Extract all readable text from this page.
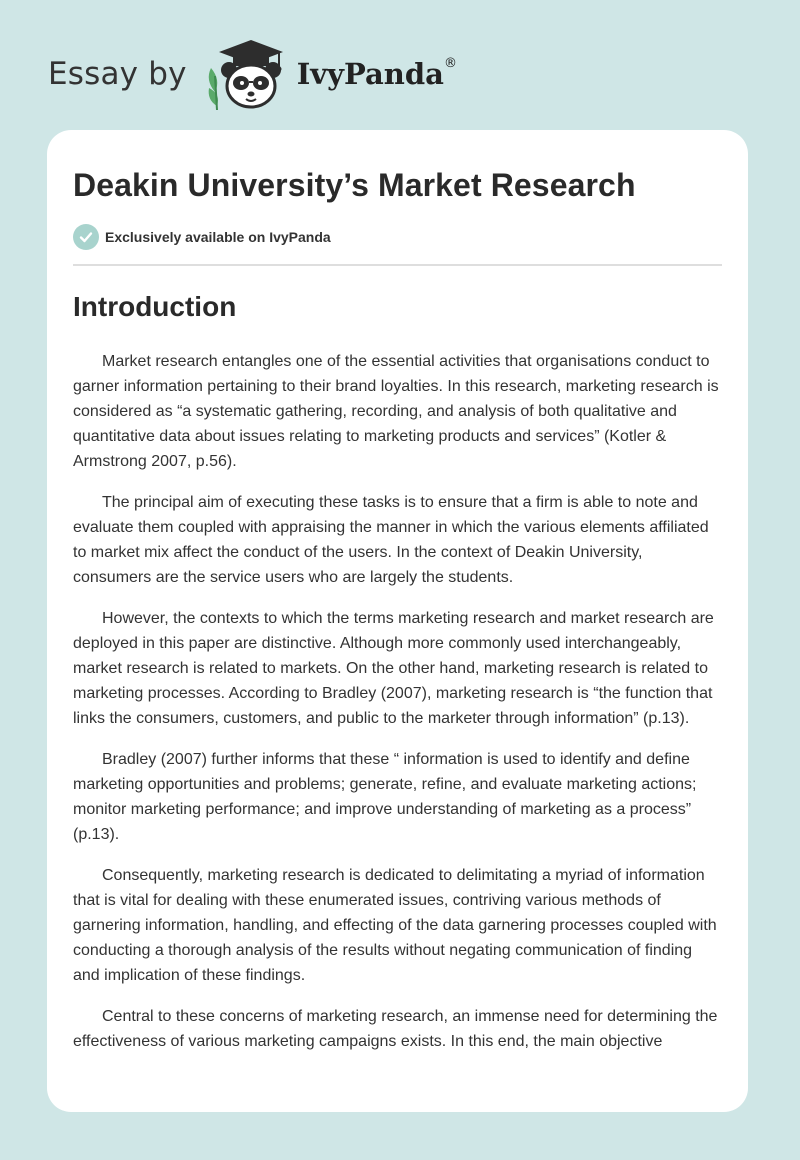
Essay by	IvyPanda®
Deakin University’s Market Research
Exclusively available on IvyPanda
Introduction

Market research entangles one of the essential activities that organisations conduct to garner information pertaining to their brand loyalties. In this research, marketing research is considered as “a systematic gathering, recording, and analysis of both qualitative and quantitative data about issues relating to marketing products and services” (Kotler & Armstrong 2007, p.56).

The principal aim of executing these tasks is to ensure that a firm is able to note and evaluate them coupled with appraising the manner in which the various elements affiliated to market mix affect the conduct of the users. In the context of Deakin University, consumers are the service users who are largely the students.

However, the contexts to which the terms marketing research and market research are deployed in this paper are distinctive. Although more commonly used interchangeably, market research is related to markets. On the other hand, marketing research is related to marketing processes. According to Bradley (2007), marketing research is “the function that links the consumers, customers, and public to the marketer through information” (p.13).

Bradley (2007) further informs that these “ information is used to identify and define marketing opportunities and problems; generate, refine, and evaluate marketing actions; monitor marketing performance; and improve understanding of marketing as a process” (p.13).

Consequently, marketing research is dedicated to delimitating a myriad of information that is vital for dealing with these enumerated issues, contriving various methods of garnering information, handling, and effecting of the data garnering processes coupled with conducting a thorough analysis of the results without negating communication of finding and implication of these findings.

Central to these concerns of marketing research, an immense need for determining the effectiveness of various marketing campaigns exists. In this end, the main objective
